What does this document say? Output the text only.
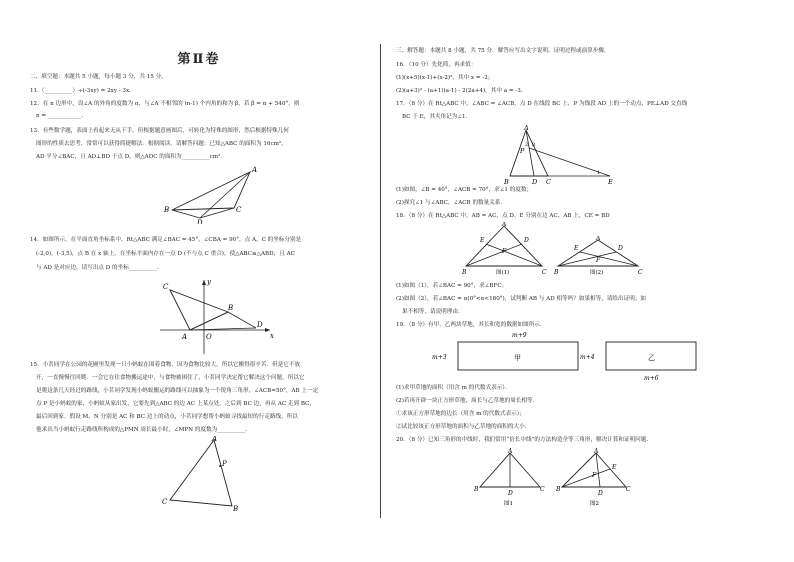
第Ⅱ卷
二、填空题：本题共 5 小题，每小题 3 分，共 15 分。
11.（__________）÷(-3xy) = 2xy - 3x．
12．在 n 边形中，设∠A 的外角的度数为 α，与∠A 不相邻的 (n-1) 个内角的和为 β，若 β = α + 540°，则
n = ____________．
13．有些数学题，表面上看起来无从下手，但根据题意画图后，可转化为特殊的图形，然后根据特殊几何
图形的性质去思考，常常可以获得简捷解法．根据阅读，请解答问题：已知△ABC 的面积为 16cm²，
AD 平分∠BAC，且 AD⊥BD 于点 D，则△ADC 的面积为__________cm²．
A
B	C
D
14．如图所示，在平面直角坐标系中，Rt△ABC 满足∠BAC = 45°，∠CBA = 90°，点 A，C 的坐标分别是
(-2,0)，(-3,5)，点 B 在 x 轴上，在坐标平面内存在一点 D (不与点 C 重合)，使△ABC≌△ABD，且 AC
与 AD 是对应边，请写出点 D 的坐标__________．
C
A	O
B
D
x
y
15．小茗同学在公园的花圃里发现一只小蚂蚁在围着食物，因为食物比较大，所以它搬得很辛苦．但是它不放
开，一直慢慢往回爬．一会它在往食物搬运途中，与食物被困住了，小茗同学决定帮它解决这个问题，所以它
是爬这条几天经过的路线，小茗同学发现小蚂蚁搬运的路线可以抽象为一个锐角三角形，∠ACB=50°，AB 上一定
点 P 是小蚂蚁的家，小蚂蚁从家出发，它要先到△ABC 的边 AC 上某点处，之后到 BC 边，再从 AC 走到 BC，
最后回到家．假设 M、N 分别是 AC 和 BC 边上的动点，小茗同学想帮小蚂蚁寻找最短的行走路线，所以
他求出当小蚂蚁行走路线所构成的△PMN 周长最小时，∠MPN 的度数为__________．
A
P
C
B
三、解答题：本题共 8 小题，共 75 分．解答应写出文字说明、证明过程或演算步骤。
16．（10 分）先化简，再求值：
(1)(x+5)(x-1)+(x-2)²，其中 x = -2；
(2)(a+3)² - (a+1)(a-1) - 2(2a+4)，其中 a = -3．
17．（8 分）在 Rt△ABC 中，∠ABC = ∠ACB，点 D 在线段 BC 上，P 为线段 AD 上的一个动点，PE⊥AD 交直线
BC 于 E，其夹角记为∠1．
A
P
2 3
1
B	D C	E
(1)如图，∠B = 40°，∠ACB = 70°，求∠1 的度数；
(2)探究∠1 与∠ABC，∠ACB 的数量关系．
18．（8 分）在 Rt△ABC 中，AB = AC，点 D、E 分别在边 AC、AB 上，CE = BD
A
E	D
F
B	C
图(1)
A
E	D
F
B	C
图(2)
(1)如图（1），若∠BAC = 90°，求∠BFC；
(2)如图（2），若∠BAC = α(0°<α<180°)，试判断 AB 与 AD 相等吗？如果相等，请给出证明；如
果不相等，请说明理由．
19．（8 分）有甲、乙两块草地，其长和宽的数据如图所示．
m+9
甲
m+3	乙
m+4
m+6
(1)求甲草地的面积（用含 m 的代数式表示）．
(2)若再开辟一块正方形草地，周长与乙草地的周长相等．
①求该正方形草地的边长（用含 m 的代数式表示）；
②试比较该正方形草地的面积与乙草地的面积的大小．
20．（8 分）已知三角形的中线时，我们常用“倍长中线”的方法构造全等三角形，解决计算和证明问题．
A
B
D
C
图1
A
E
F
B
D
C
图2
